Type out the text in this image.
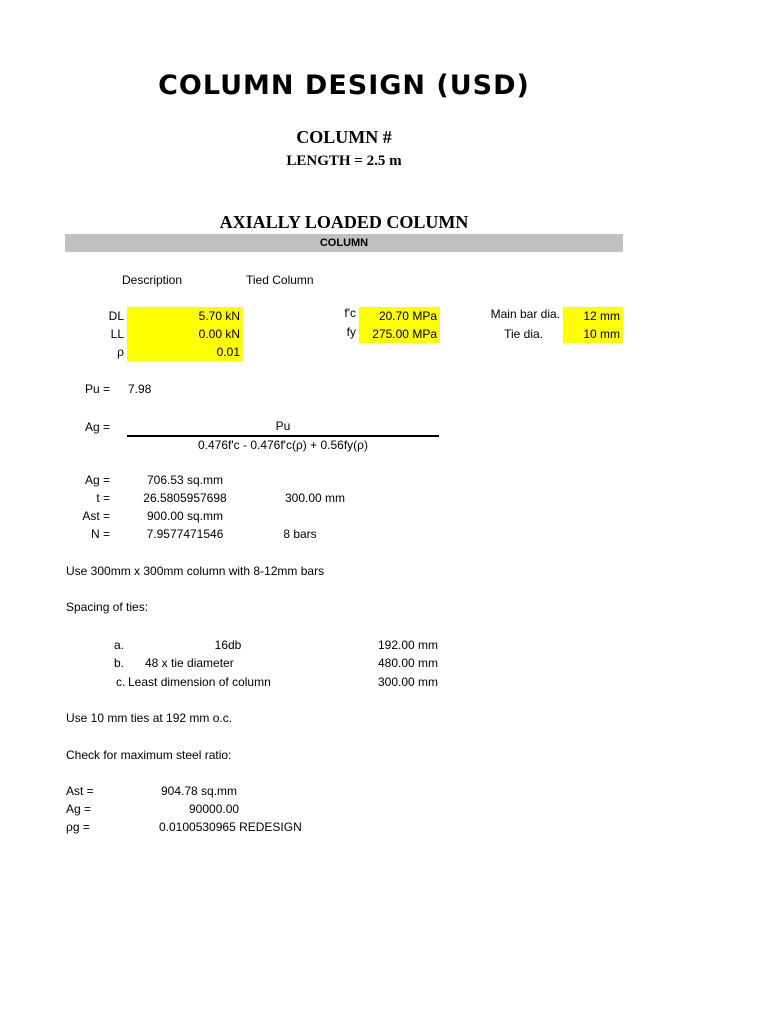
COLUMN DESIGN (USD)
COLUMN #
LENGTH = 2.5 m
AXIALLY LOADED COLUMN
COLUMN
Description	Tied Column
DL	5.70 kN
LL	0.00 kN
ρ	0.01
f'c	20.70 MPa
fy	275.00 MPa
Main bar dia.	12 mm
Tie dia.	10 mm
Pu = 7.98
Ag =	Pu
0.476f'c - 0.476f'c(ρ) + 0.56fy(ρ)
Ag =	706.53 sq.mm
t =	26.5805957698	300.00 mm
Ast =	900.00 sq.mm
N =	7.9577471546	8 bars
Use 300mm x 300mm column with 8-12mm bars
Spacing of ties:
a.	16db	192.00 mm
b. 48 x tie diameter	480.00 mm
c. Least dimension of column	300.00 mm
Use 10 mm ties at 192 mm o.c.
Check for maximum steel ratio:
Ast =	904.78 sq.mm
Ag =	90000.00
ρg =	0.0100530965 REDESIGN
